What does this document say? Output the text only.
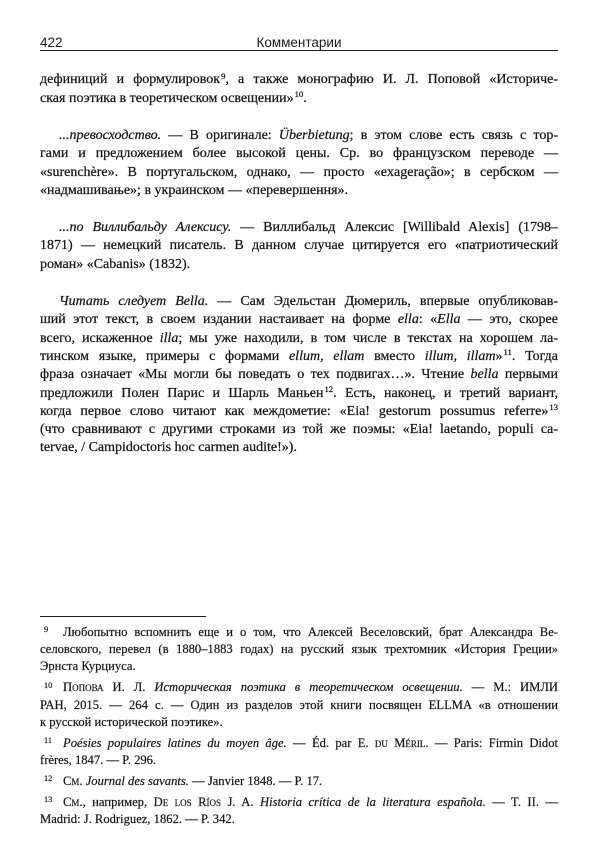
422	Комментарии
дефиниций и формулировок$^9$, а также монографию И. Л. Поповой «Историче-
ская поэтика в теоретическом освещении»$^{10}$.
...превосходство. — В оригинале: Überbietung; в этом слове есть связь с тор-
гами и предложением более высокой цены. Ср. во французском переводе —
«surenchère». В португальском, однако, — просто «exageração»; в сербском —
«надмашивање»; в украинском — «перевершення».
...по Виллибальду Алексису. — Виллибальд Алексис [Willibald Alexis] (1798–
1871) — немецкий писатель. В данном случае цитируется его «патриотический
роман» «Cabanis» (1832).
Читать следует Bella. — Сам Эдельстан Дюмериль, впервые опубликовав-
ший этот текст, в своем издании настаивает на форме ella: «Ella — это, скорее
всего, искаженное illa; мы уже находили, в том числе в текстах на хорошем ла-
тинском языке, примеры с формами ellum, ellam вместо illum, illam»$^{11}$. Тогда
фраза означает «Мы могли бы поведать о тех подвигах…». Чтение bella первыми
предложили Полен Парис и Шарль Маньен$^{12}$. Есть, наконец, и третий вариант,
когда первое слово читают как междометие: «Eia! gestorum possumus referre»$^{13}$
(что сравнивают с другими строками из той же поэмы: «Eia! laetando, populi ca-
tervae, / Campidoctoris hoc carmen audite!»).
9 Любопытно вспомнить еще и о том, что Алексей Веселовский, брат Александра Ве-
селовского, перевел (в 1880–1883 годах) на русский язык трехтомник «История Греции»
Эрнста Курциуса.
10 Попова И. Л. Историческая поэтика в теоретическом освещении. — М.: ИМЛИ
РАН, 2015. — 264 с. — Один из разделов этой книги посвящен ELLMA «в отношении
к русской исторической поэтике».
11 Poésies populaires latines du moyen âge. — Éd. par E. du Méril. — Paris: Firmin Didot
frères, 1847. — P. 296.
12 См. Journal des savants. — Janvier 1848. — P. 17.
13 См., например, De los Ríos J. A. Historia crítica de la literatura española. — T. II. —
Madrid: J. Rodriguez, 1862. — P. 342.
